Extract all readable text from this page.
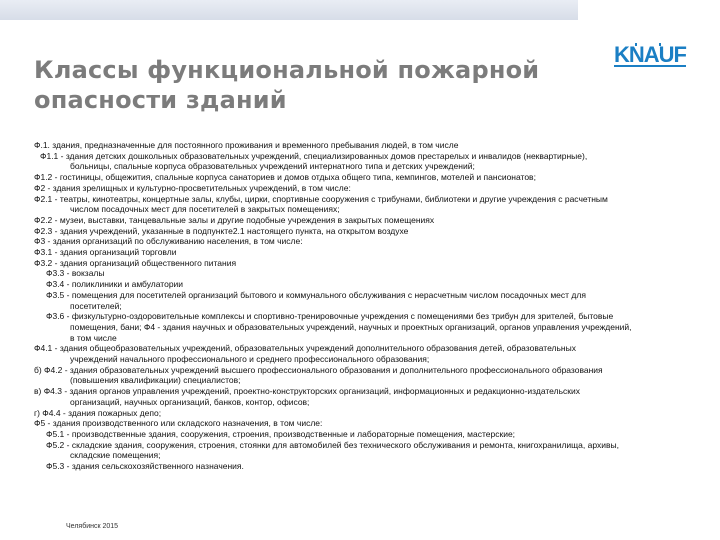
KNAUF
Классы функциональной пожарной
опасности зданий
Ф.1. здания, предназначенные для постоянного проживания и временного пребывания людей, в том числе
Ф1.1 - здания детских дошкольных образовательных учреждений, специализированных домов престарелых и инвалидов (неквартирные),
больницы, спальные корпуса образовательных учреждений интернатного типа и детских учреждений;
Ф1.2 - гостиницы, общежития, спальные корпуса санаториев и домов отдыха общего типа, кемпингов, мотелей и пансионатов;
Ф2 - здания зрелищных и культурно-просветительных учреждений, в том числе:
Ф2.1 - театры, кинотеатры, концертные залы, клубы, цирки, спортивные сооружения с трибунами, библиотеки и другие учреждения с расчетным
числом посадочных мест для посетителей в закрытых помещениях;
Ф2.2 - музеи, выставки, танцевальные залы и другие подобные учреждения в закрытых помещениях
Ф2.3 - здания учреждений, указанные в подпункте2.1 настоящего пункта, на открытом воздухе
Ф3 - здания организаций по обслуживанию населения, в том числе:
Ф3.1 - здания организаций торговли
Ф3.2 - здания организаций общественного питания
Ф3.3 - вокзалы
Ф3.4 - поликлиники и амбулатории
Ф3.5 - помещения для посетителей организаций бытового и коммунального обслуживания с нерасчетным числом посадочных мест для
посетителей;
Ф3.6 - физкультурно-оздоровительные комплексы и спортивно-тренировочные учреждения с помещениями без трибун для зрителей, бытовые
помещения, бани; Ф4 - здания научных и образовательных учреждений, научных и проектных организаций, органов управления учреждений,
в том числе
Ф4.1 - здания общеобразовательных учреждений, образовательных учреждений дополнительного образования детей, образовательных
учреждений начального профессионального и среднего профессионального образования;
б) Ф4.2 - здания образовательных учреждений высшего профессионального образования и дополнительного профессионального образования
(повышения квалификации) специалистов;
в) Ф4.3 - здания органов управления учреждений, проектно-конструкторских организаций, информационных и редакционно-издательских
организаций, научных организаций, банков, контор, офисов;
г) Ф4.4 - здания пожарных депо;
Ф5 - здания производственного или складского назначения, в том числе:
Ф5.1 - производственные здания, сооружения, строения, производственные и лабораторные помещения, мастерские;
Ф5.2 - складские здания, сооружения, строения, стоянки для автомобилей без технического обслуживания и ремонта, книгохранилища, архивы,
складские помещения;
Ф5.3 - здания сельскохозяйственного назначения.
Челябинск 2015
